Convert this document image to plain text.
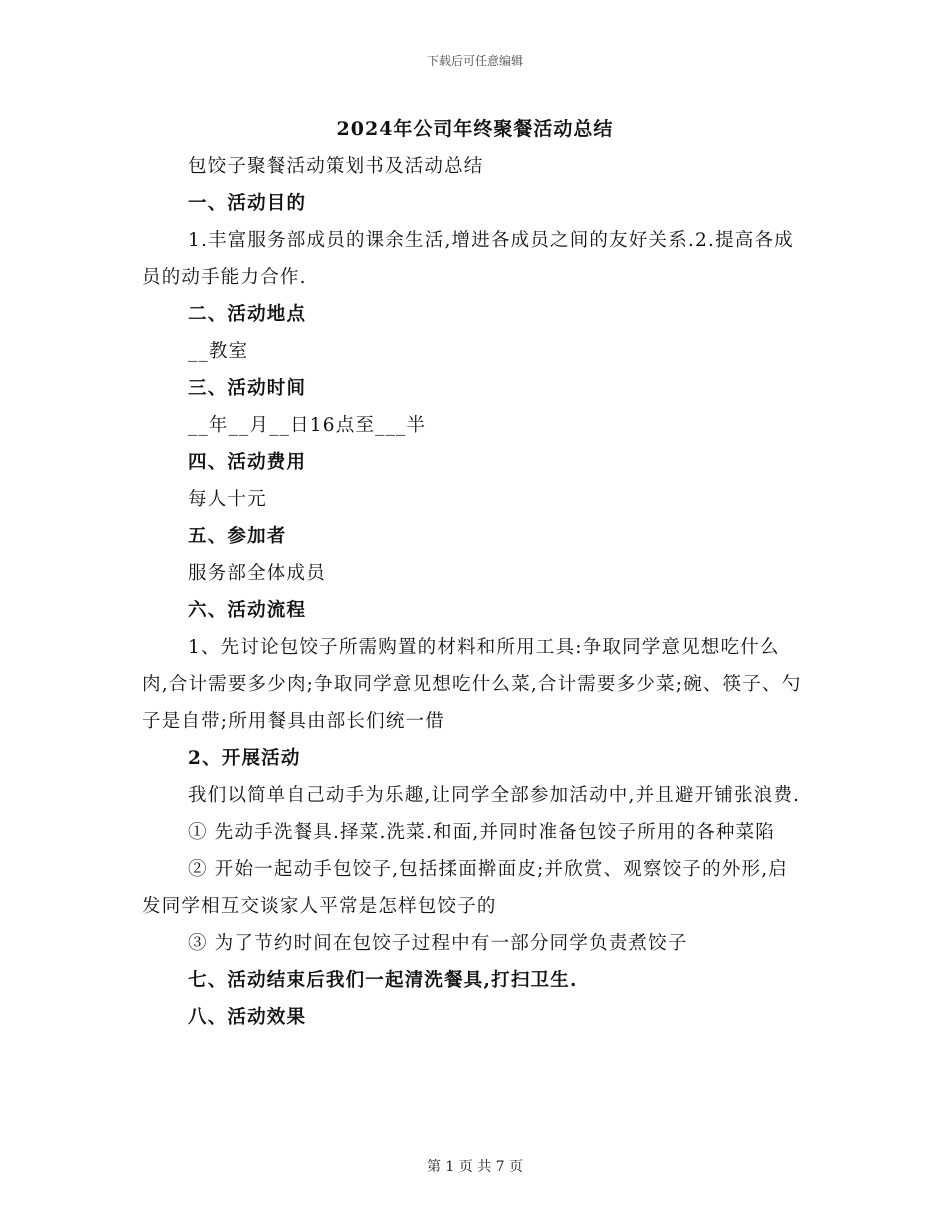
下载后可任意编辑
2024年公司年终聚餐活动总结

包饺子聚餐活动策划书及活动总结

一、活动目的

1.丰富服务部成员的课余生活,增进各成员之间的友好关系.2.提高各成员的动手能力合作.

二、活动地点

__教室

三、活动时间

__年__月__日16点至___半

四、活动费用

每人十元

五、参加者

服务部全体成员

六、活动流程

1、先讨论包饺子所需购置的材料和所用工具:争取同学意见想吃什么肉,合计需要多少肉;争取同学意见想吃什么菜,合计需要多少菜;碗、筷子、勺子是自带;所用餐具由部长们统一借

2、开展活动

我们以简单自己动手为乐趣,让同学全部参加活动中,并且避开铺张浪费.

① 先动手洗餐具.择菜.洗菜.和面,并同时准备包饺子所用的各种菜陷

② 开始一起动手包饺子,包括揉面擀面皮;并欣赏、观察饺子的外形,启发同学相互交谈家人平常是怎样包饺子的

③ 为了节约时间在包饺子过程中有一部分同学负责煮饺子

七、活动结束后我们一起清洗餐具,打扫卫生.

八、活动效果

第 1 页 共 7 页
